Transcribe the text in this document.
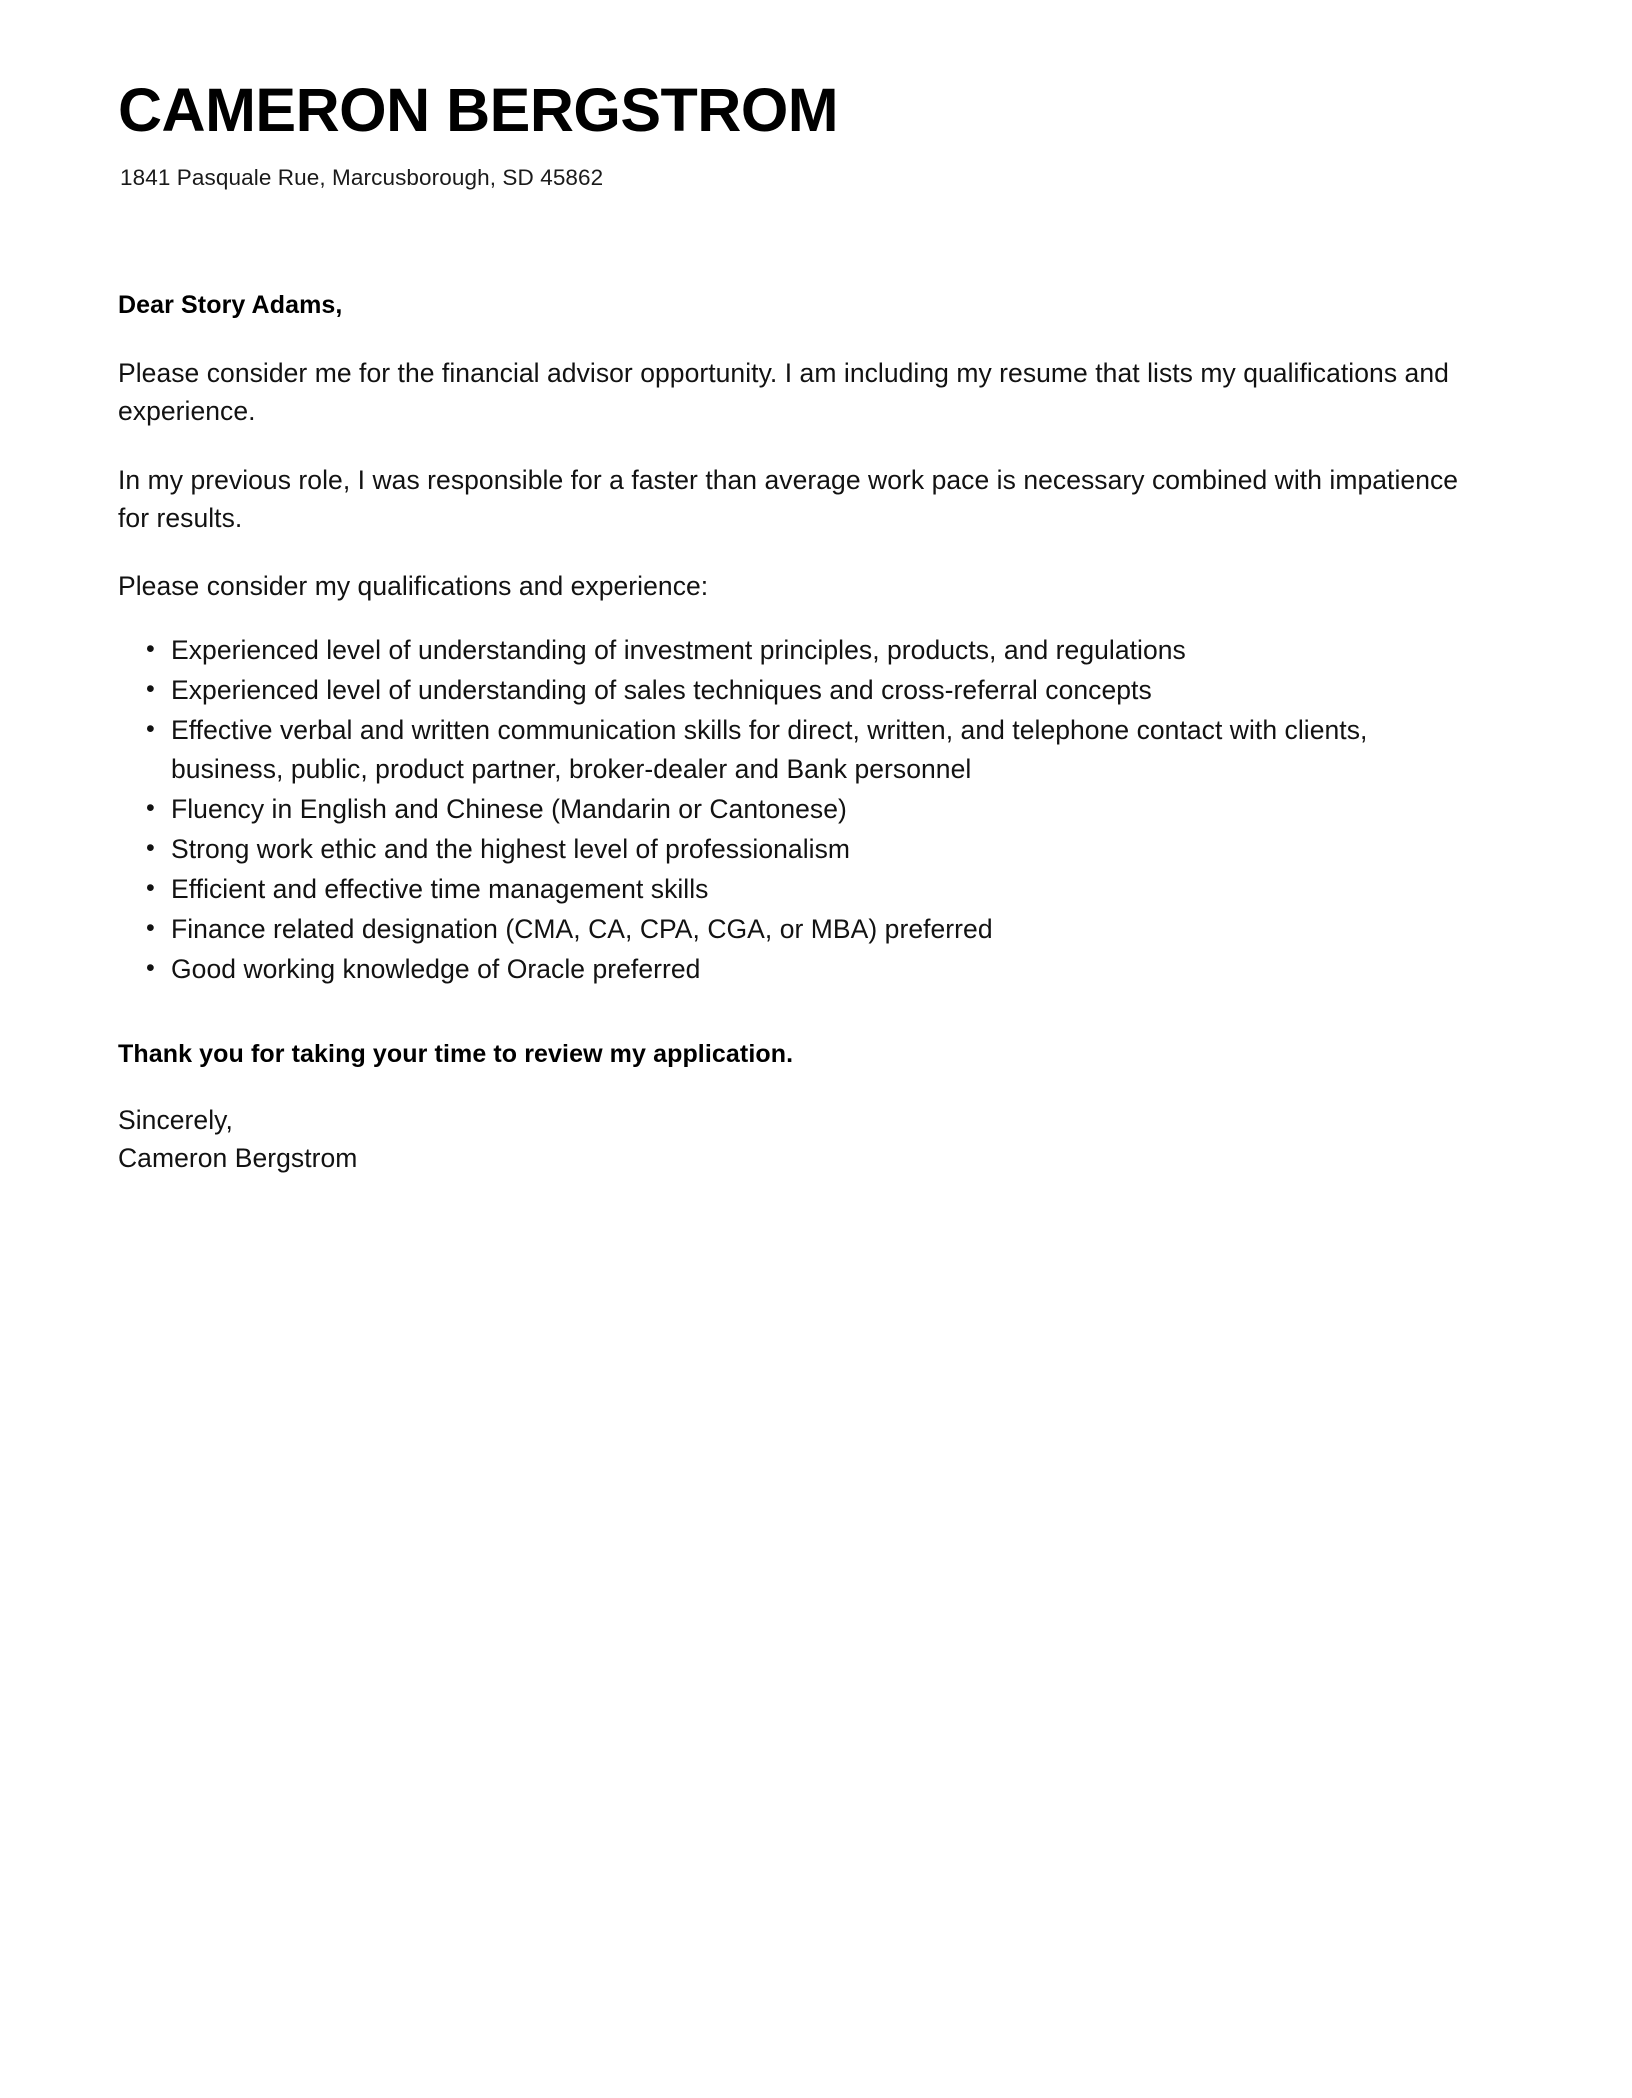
CAMERON BERGSTROM
1841 Pasquale Rue, Marcusborough, SD 45862

Dear Story Adams,

Please consider me for the financial advisor opportunity. I am including my resume that lists my qualifications and experience.

In my previous role, I was responsible for a faster than average work pace is necessary combined with impatience for results.

Please consider my qualifications and experience:

• Experienced level of understanding of investment principles, products, and regulations
• Experienced level of understanding of sales techniques and cross-referral concepts
• Effective verbal and written communication skills for direct, written, and telephone contact with clients, business, public, product partner, broker-dealer and Bank personnel
• Fluency in English and Chinese (Mandarin or Cantonese)
• Strong work ethic and the highest level of professionalism
• Efficient and effective time management skills
• Finance related designation (CMA, CA, CPA, CGA, or MBA) preferred
• Good working knowledge of Oracle preferred

Thank you for taking your time to review my application.

Sincerely,
Cameron Bergstrom
